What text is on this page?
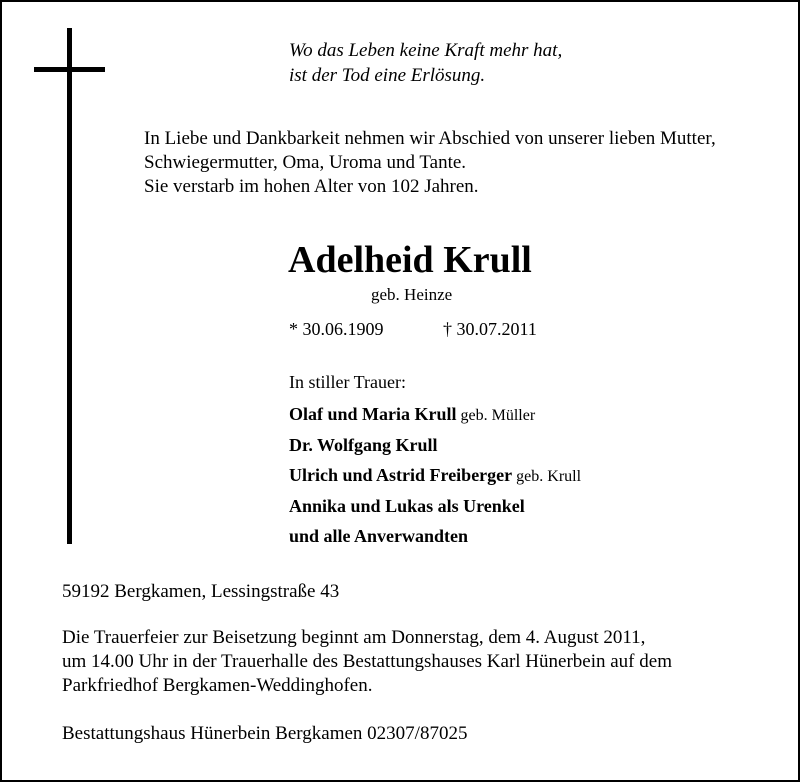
Wo das Leben keine Kraft mehr hat,
ist der Tod eine Erlösung.
In Liebe und Dankbarkeit nehmen wir Abschied von unserer lieben Mutter,
Schwiegermutter, Oma, Uroma und Tante.
Sie verstarb im hohen Alter von 102 Jahren.
Adelheid Krull
geb. Heinze
* 30.06.1909	† 30.07.2011
In stiller Trauer:
Olaf und Maria Krull geb. Müller
Dr. Wolfgang Krull
Ulrich und Astrid Freiberger geb. Krull
Annika und Lukas als Urenkel
und alle Anverwandten
59192 Bergkamen, Lessingstraße 43
Die Trauerfeier zur Beisetzung beginnt am Donnerstag, dem 4. August 2011,
um 14.00 Uhr in der Trauerhalle des Bestattungshauses Karl Hünerbein auf dem
Parkfriedhof Bergkamen-Weddinghofen.
Bestattungshaus Hünerbein Bergkamen 02307/87025
